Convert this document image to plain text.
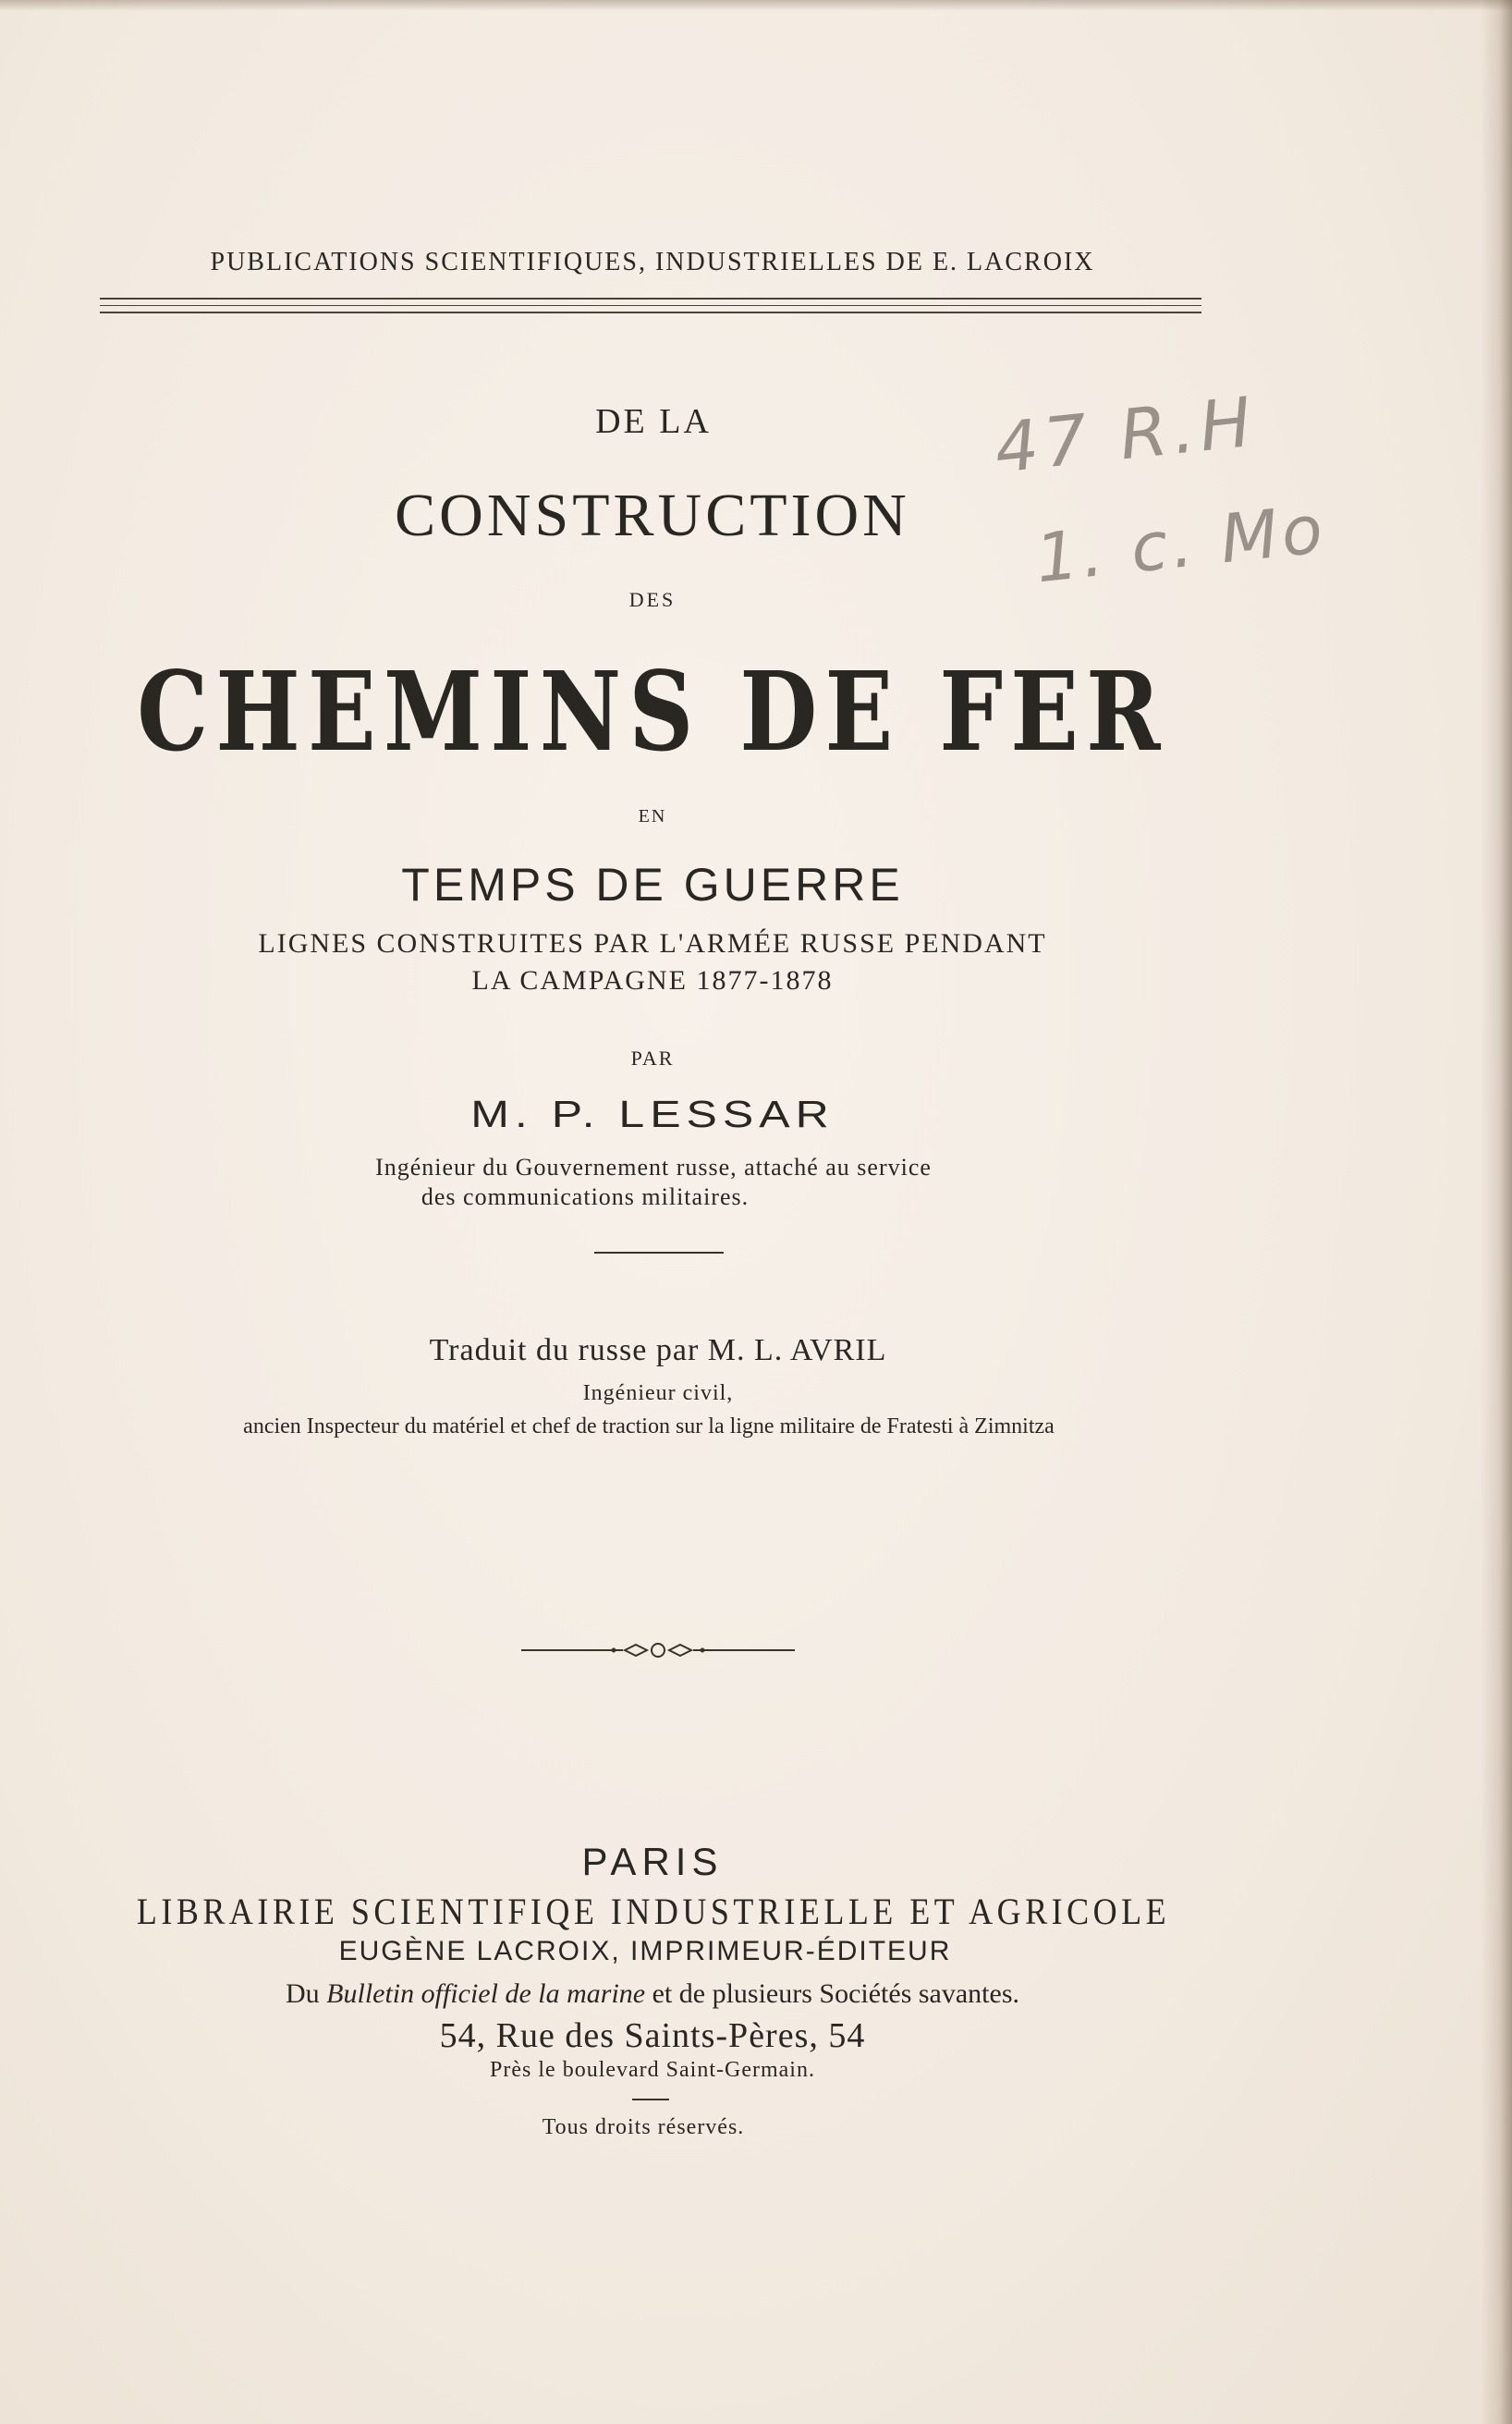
PUBLICATIONS SCIENTIFIQUES, INDUSTRIELLES DE E. LACROIX
DE LA
CONSTRUCTION
DES
CHEMINS DE FER
EN
TEMPS DE GUERRE
LIGNES CONSTRUITES PAR L'ARMÉE RUSSE PENDANT
LA CAMPAGNE 1877-1878
PAR
M. P. LESSAR
Ingénieur du Gouvernement russe, attaché au service
des communications militaires.
Traduit du russe par M. L. AVRIL
Ingénieur civil,
ancien Inspecteur du matériel et chef de traction sur la ligne militaire de Fratesti à Zimnitza
PARIS
LIBRAIRIE SCIENTIFIQE INDUSTRIELLE ET AGRICOLE
EUGÈNE LACROIX, IMPRIMEUR-ÉDITEUR
Du Bulletin officiel de la marine et de plusieurs Sociétés savantes.
54, Rue des Saints-Pères, 54
Près le boulevard Saint-Germain.
Tous droits réservés.
47 R.H
1. c. Mo
